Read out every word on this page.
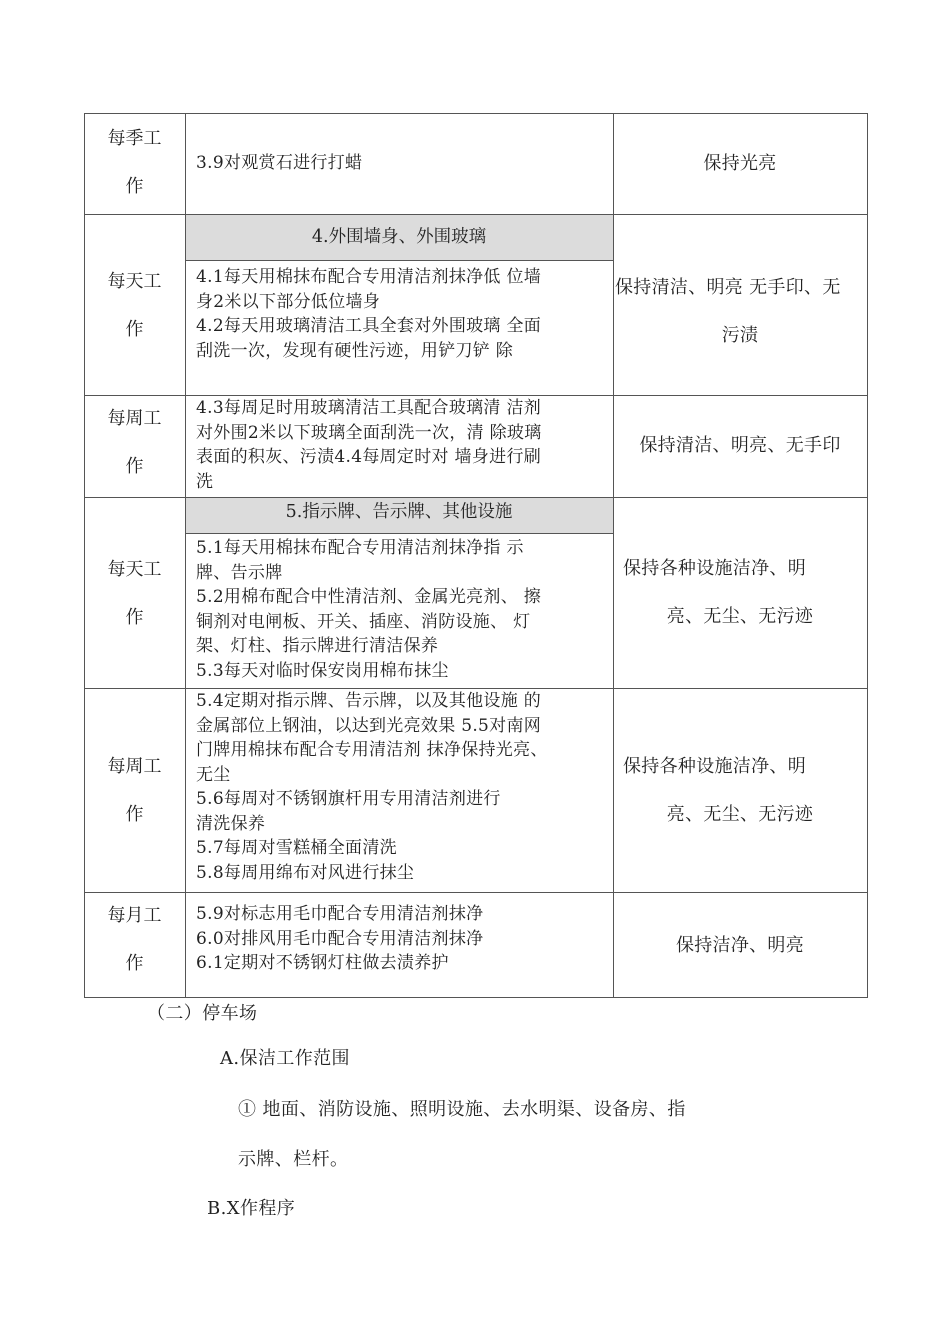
每季工
作
3.9对观赏石进行打蜡	保持光亮
4.外围墙身、外围玻璃
每天工
作
4.1每天用棉抹布配合专用清洁剂抹净低 位墙
身2米以下部分低位墙身
4.2每天用玻璃清洁工具全套对外围玻璃 全面
刮洗一次，发现有硬性污迹，用铲刀铲 除
保持清洁、明亮 无手印、无
污渍
每周工
作
4.3每周足时用玻璃清洁工具配合玻璃清 洁剂
对外围2米以下玻璃全面刮洗一次，清 除玻璃
表面的积灰、污渍4.4每周定时对 墙身进行刷
洗
保持清洁、明亮、无手印
5.指示牌、告示牌、其他设施
每天工
作
5.1每天用棉抹布配合专用清洁剂抹净指 示
牌、告示牌
5.2用棉布配合中性清洁剂、金属光亮剂、 擦
铜剂对电闸板、开关、插座、消防设施、 灯
架、灯柱、指示牌进行清洁保养
5.3每天对临时保安岗用棉布抹尘
保持各种设施洁净、明
亮、无尘、无污迹
每周工
作
5.4定期对指示牌、告示牌，以及其他设施 的
金属部位上钢油，以达到光亮效果 5.5对南网
门牌用棉抹布配合专用清洁剂 抹净保持光亮、
无尘
5.6每周对不锈钢旗杆用专用清洁剂进行
清洗保养
5.7每周对雪糕桶全面清洗
5.8每周用绵布对风进行抹尘
保持各种设施洁净、明
亮、无尘、无污迹
每月工
作
5.9对标志用毛巾配合专用清洁剂抹净
6.0对排风用毛巾配合专用清洁剂抹净
6.1定期对不锈钢灯柱做去渍养护
保持洁净、明亮
（二）停车场
A.保洁工作范围
① 地面、消防设施、照明设施、去水明渠、设备房、指
示牌、栏杆。
B.X作程序
